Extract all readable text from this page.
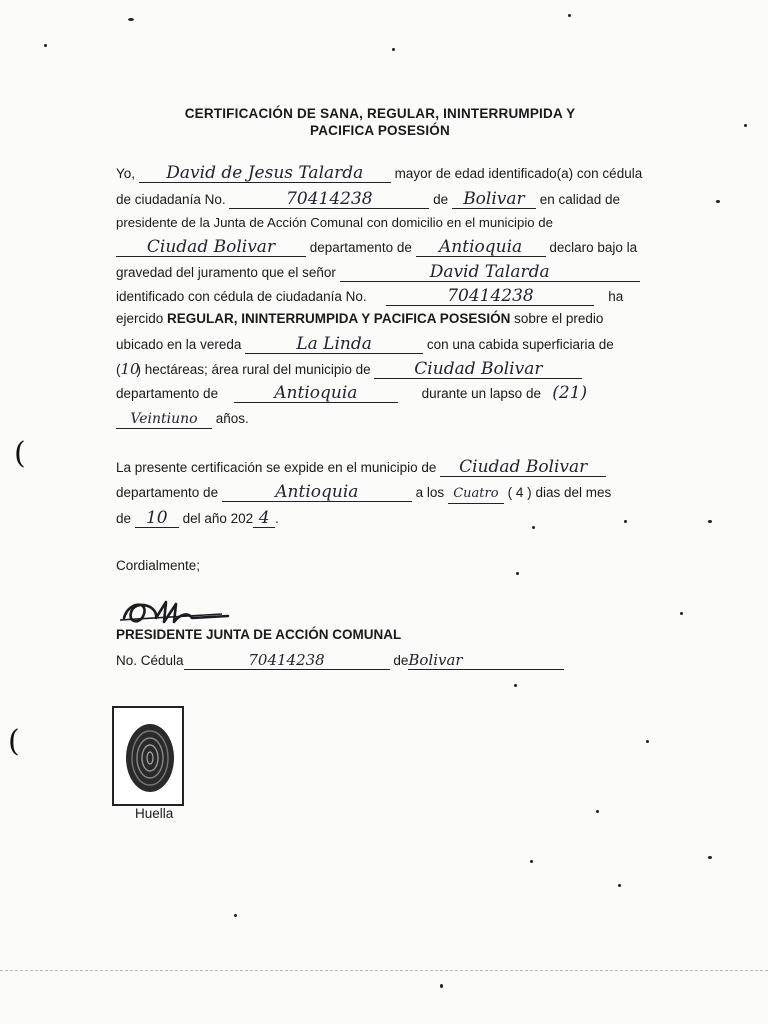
CERTIFICACIÓN DE SANA, REGULAR, ININTERRUMPIDA Y
PACIFICA POSESIÓN
Yo, David de Jesus Talarda mayor de edad identificado(a) con cédula
de ciudadanía No.	70414238	de Bolivar en calidad de
presidente de la Junta de Acción Comunal con domicilio en el municipio de
Ciudad Bolivar	departamento de Antioquia declaro bajo la
gravedad del juramento que el señor	David Talarda
identificado con cédula de ciudadanía No.	70414238	ha
ejercido REGULAR, ININTERRUMPIDA Y PACIFICA POSESIÓN sobre el predio
ubicado en la vereda	La Linda	con una cabida superficiaria de
(10) hectáreas; área rural del municipio de	Ciudad Bolivar
departamento de	Antioquia	durante un lapso de (21)
Veintiuno años.
La presente certificación se expide en el municipio de Ciudad Bolivar
departamento de	Antioquia	a los Cuatro ( 4 ) dias del mes
de 10 del año 202 4 .
Cordialmente;
PRESIDENTE JUNTA DE ACCIÓN COMUNAL
No. Cédula	70414238	deBolivar
Huella
(
(
